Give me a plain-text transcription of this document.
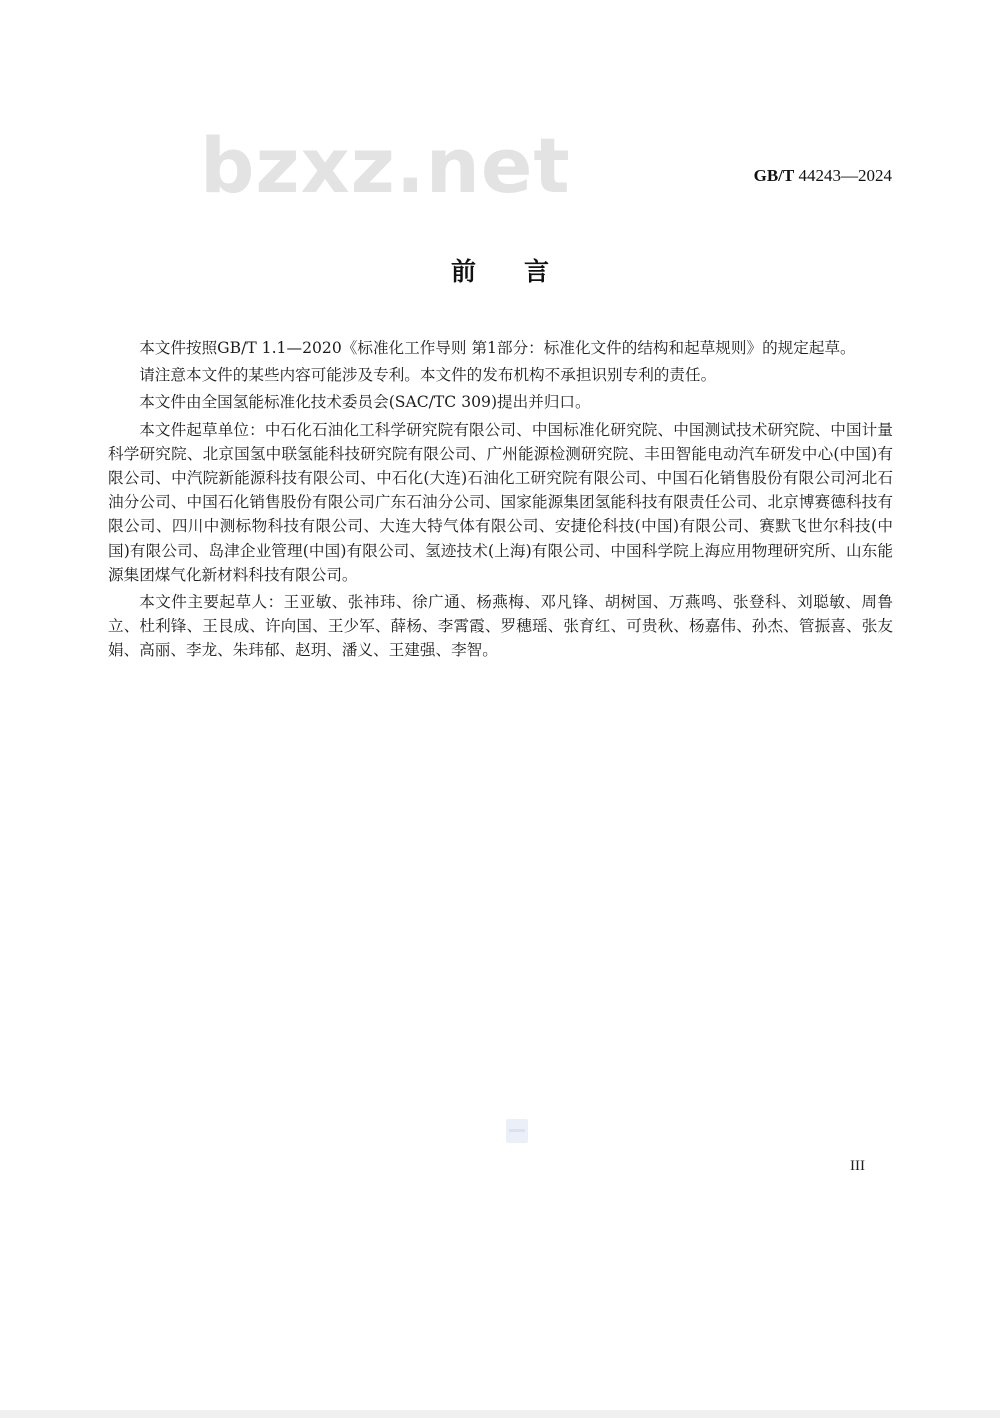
bzxz.net	GB/T 44243—2024
前言

本文件按照GB/T 1.1—2020《标准化工作导则 第1部分：标准化文件的结构和起草规则》的规定起草。

请注意本文件的某些内容可能涉及专利。本文件的发布机构不承担识别专利的责任。

本文件由全国氢能标准化技术委员会(SAC/TC 309)提出并归口。

本文件起草单位：中石化石油化工科学研究院有限公司、中国标准化研究院、中国测试技术研究院、中国计量科学研究院、北京国氢中联氢能科技研究院有限公司、广州能源检测研究院、丰田智能电动汽车研发中心(中国)有限公司、中汽院新能源科技有限公司、中石化(大连)石油化工研究院有限公司、中国石化销售股份有限公司河北石油分公司、中国石化销售股份有限公司广东石油分公司、国家能源集团氢能科技有限责任公司、北京博赛德科技有限公司、四川中测标物科技有限公司、大连大特气体有限公司、安捷伦科技(中国)有限公司、赛默飞世尔科技(中国)有限公司、岛津企业管理(中国)有限公司、氢迹技术(上海)有限公司、中国科学院上海应用物理研究所、山东能源集团煤气化新材料科技有限公司。

本文件主要起草人：王亚敏、张祎玮、徐广通、杨燕梅、邓凡锋、胡树国、万燕鸣、张登科、刘聪敏、周鲁立、杜利锋、王艮成、许向国、王少军、薛杨、李霄霞、罗穗瑶、张育红、可贵秋、杨嘉伟、孙杰、管振喜、张友娟、高丽、李龙、朱玮郁、赵玥、潘义、王建强、李智。

III
